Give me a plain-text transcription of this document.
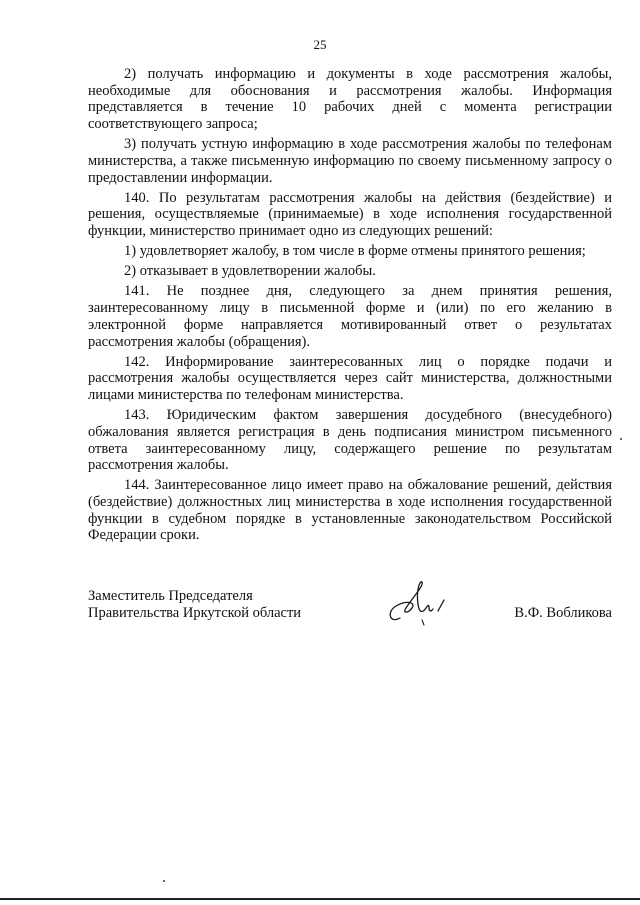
25

2) получать информацию и документы в ходе рассмотрения жалобы, необходимые для обоснования и рассмотрения жалобы. Информация представляется в течение 10 рабочих дней с момента регистрации соответствующего запроса;

3) получать устную информацию в ходе рассмотрения жалобы по телефонам министерства, а также письменную информацию по своему письменному запросу о предоставлении информации.

140. По результатам рассмотрения жалобы на действия (бездействие) и решения, осуществляемые (принимаемые) в ходе исполнения государственной функции, министерство принимает одно из следующих решений:

1) удовлетворяет жалобу, в том числе в форме отмены принятого решения;

2) отказывает в удовлетворении жалобы.

141. Не позднее дня, следующего за днем принятия решения, заинтересованному лицу в письменной форме и (или) по его желанию в электронной форме направляется мотивированный ответ о результатах рассмотрения жалобы (обращения).

142. Информирование заинтересованных лиц о порядке подачи и рассмотрения жалобы осуществляется через сайт министерства, должностными лицами министерства по телефонам министерства.

143. Юридическим фактом завершения досудебного (внесудебного) обжалования является регистрация в день подписания министром письменного ответа заинтересованному лицу, содержащего решение по результатам рассмотрения жалобы.

144. Заинтересованное лицо имеет право на обжалование решений, действия (бездействие) должностных лиц министерства в ходе исполнения государственной функции в судебном порядке в установленные законодательством Российской Федерации сроки.

Заместитель Председателя
Правительства Иркутской области	В.Ф. Вобликова
